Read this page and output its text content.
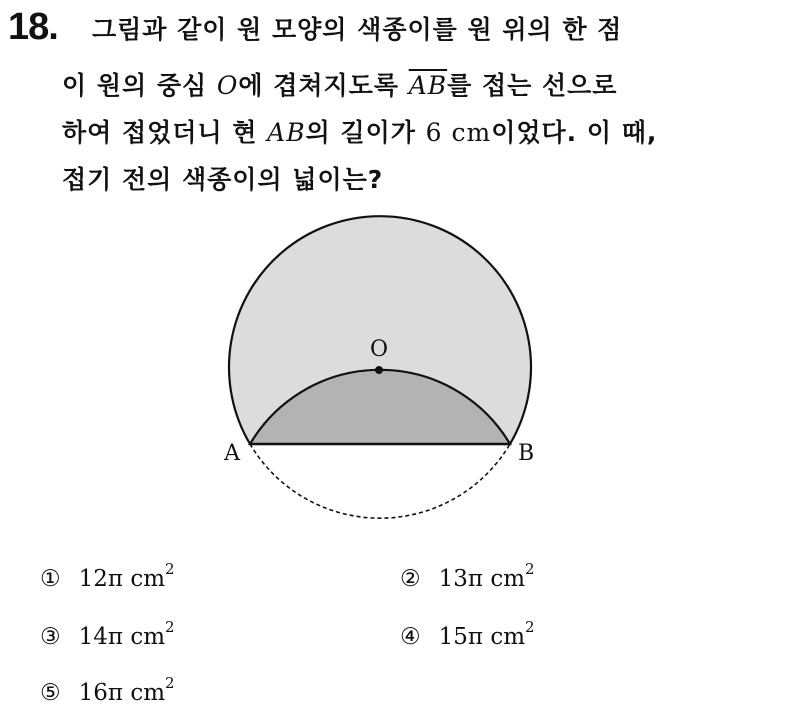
18. 그림과 같이 원 모양의 색종이를 원 위의 한 점
이 원의 중심 O에 겹쳐지도록 $\overline{AB}$를 접는 선으로
하여 접었더니 현 AB의 길이가 6 cm이었다. 이 때,
접기 전의 색종이의 넓이는?
O
A	B
① 12π $cm^2$	② 13π $cm^2$
③ 14π $cm^2$	④ 15π $cm^2$
⑤ 16π $cm^2$
